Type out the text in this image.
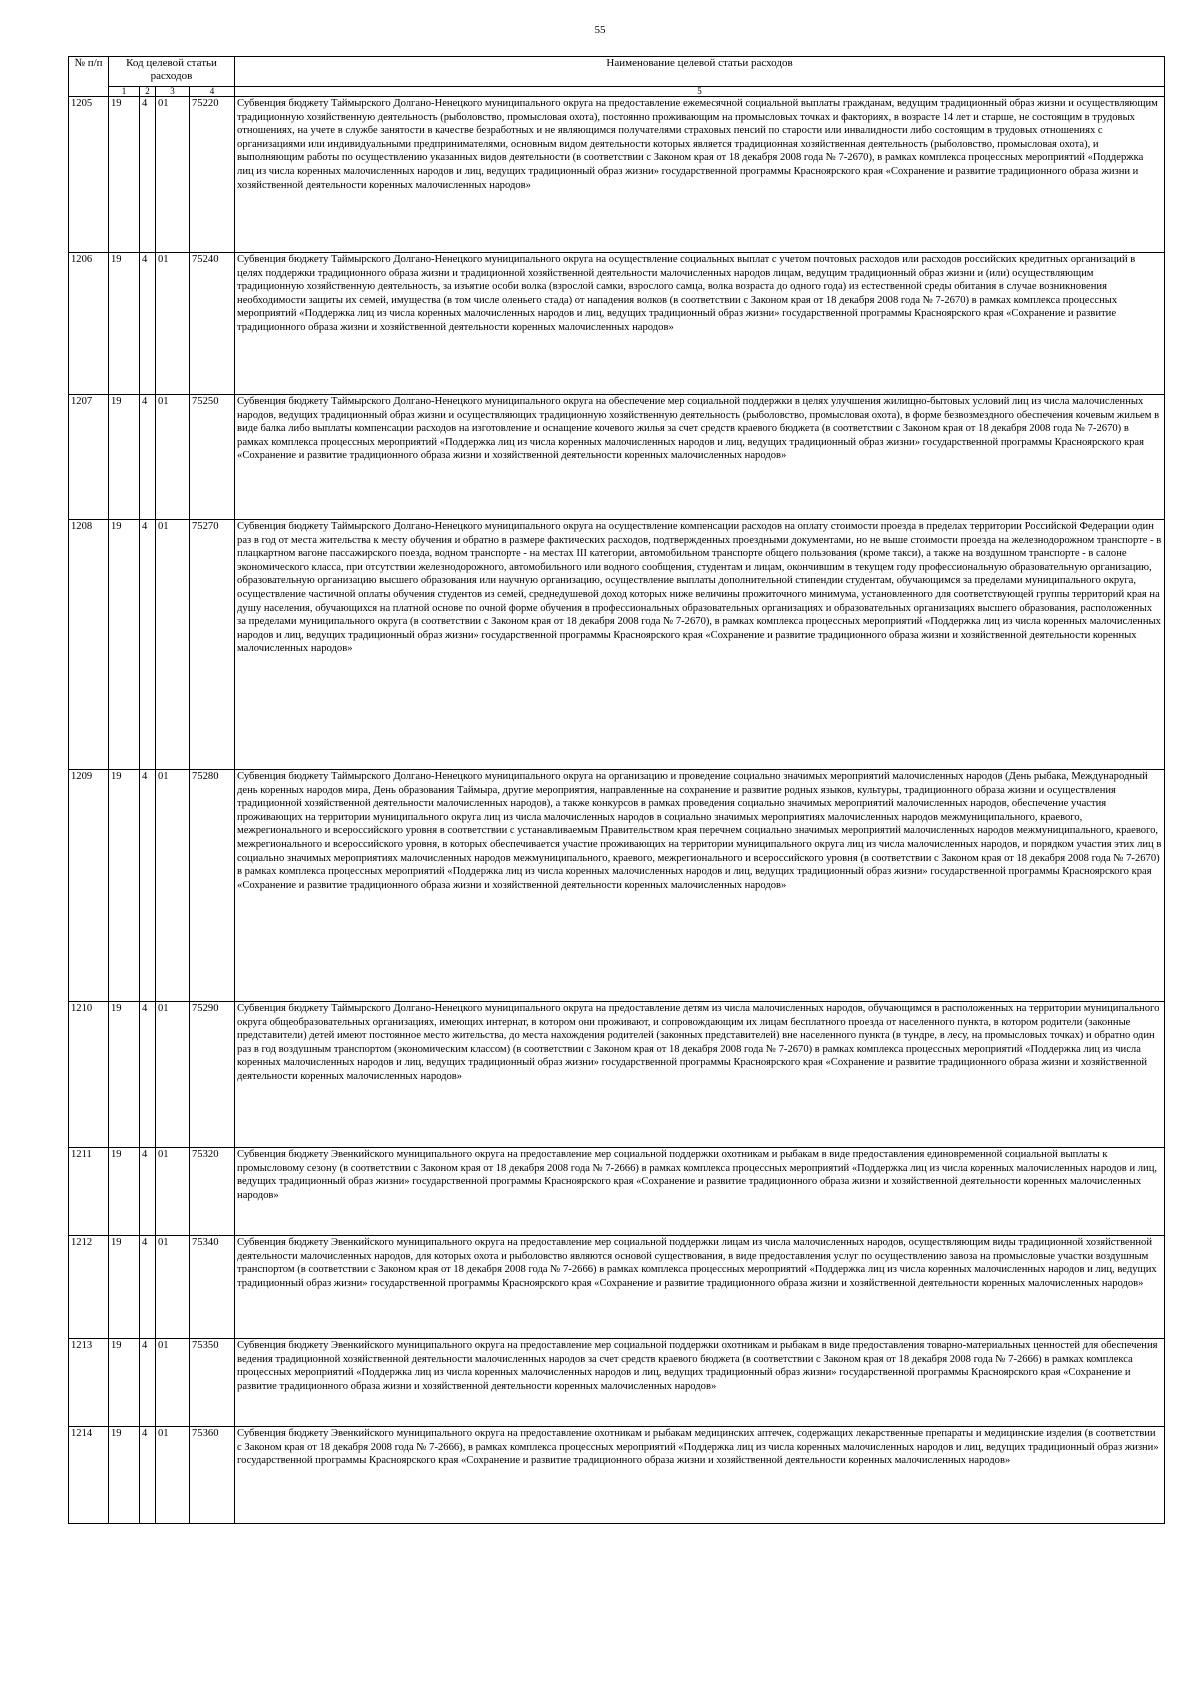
55
№ п/п	Код целевой статьи расходов				Наименование целевой статьи расходов
	1	2	3	4	5
1205	19	4	01	75220	Субвенция бюджету Таймырского Долгано-Ненецкого муниципального округа на предоставление ежемесячной социальной выплаты гражданам, ведущим традиционный образ жизни и осуществляющим традиционную хозяйственную деятельность (рыболовство, промысловая охота), постоянно проживающим на промысловых точках и факториях, в возрасте 14 лет и старше, не состоящим в трудовых отношениях, на учете в службе занятости в качестве безработных и не являющимся получателями страховых пенсий по старости или инвалидности либо состоящим в трудовых отношениях с организациями или индивидуальными предпринимателями, основным видом деятельности которых является традиционная хозяйственная деятельность (рыболовство, промысловая охота), и выполняющим работы по осуществлению указанных видов деятельности (в соответствии с Законом края от 18 декабря 2008 года № 7-2670), в рамках комплекса процессных мероприятий «Поддержка лиц из числа коренных малочисленных народов и лиц, ведущих традиционный образ жизни» государственной программы Красноярского края «Сохранение и развитие традиционного образа жизни и хозяйственной деятельности коренных малочисленных народов»
1206	19	4	01	75240	Субвенция бюджету Таймырского Долгано-Ненецкого муниципального округа на осуществление социальных выплат с учетом почтовых расходов или расходов российских кредитных организаций в целях поддержки традиционного образа жизни и традиционной хозяйственной деятельности малочисленных народов лицам, ведущим традиционный образ жизни и (или) осуществляющим традиционную хозяйственную деятельность, за изъятие особи волка (взрослой самки, взрослого самца, волка возраста до одного года) из естественной среды обитания в случае возникновения необходимости защиты их семей, имущества (в том числе оленьего стада) от нападения волков (в соответствии с Законом края от 18 декабря 2008 года № 7-2670) в рамках комплекса процессных мероприятий «Поддержка лиц из числа коренных малочисленных народов и лиц, ведущих традиционный образ жизни» государственной программы Красноярского края «Сохранение и развитие традиционного образа жизни и хозяйственной деятельности коренных малочисленных народов»
1207	19	4	01	75250	Субвенция бюджету Таймырского Долгано-Ненецкого муниципального округа на обеспечение мер социальной поддержки в целях улучшения жилищно-бытовых условий лиц из числа малочисленных народов, ведущих традиционный образ жизни и осуществляющих традиционную хозяйственную деятельность (рыболовство, промысловая охота), в форме безвозмездного обеспечения кочевым жильем в виде балка либо выплаты компенсации расходов на изготовление и оснащение кочевого жилья за счет средств краевого бюджета (в соответствии с Законом края от 18 декабря 2008 года № 7-2670) в рамках комплекса процессных мероприятий «Поддержка лиц из числа коренных малочисленных народов и лиц, ведущих традиционный образ жизни» государственной программы Красноярского края «Сохранение и развитие традиционного образа жизни и хозяйственной деятельности коренных малочисленных народов»
1208	19	4	01	75270	Субвенция бюджету Таймырского Долгано-Ненецкого муниципального округа на осуществление компенсации расходов на оплату стоимости проезда в пределах территории Российской Федерации один раз в год от места жительства к месту обучения и обратно в размере фактических расходов, подтвержденных проездными документами, но не выше стоимости проезда на железнодорожном транспорте - в плацкартном вагоне пассажирского поезда, водном транспорте - на местах III категории, автомобильном транспорте общего пользования (кроме такси), а также на воздушном транспорте - в салоне экономического класса, при отсутствии железнодорожного, автомобильного или водного сообщения, студентам и лицам, окончившим в текущем году профессиональную образовательную организацию, образовательную организацию высшего образования или научную организацию, осуществление выплаты дополнительной стипендии студентам, обучающимся за пределами муниципального округа, осуществление частичной оплаты обучения студентов из семей, среднедушевой доход которых ниже величины прожиточного минимума, установленного для соответствующей группы территорий края на душу населения, обучающихся на платной основе по очной форме обучения в профессиональных образовательных организациях и образовательных организациях высшего образования, расположенных за пределами муниципального округа (в соответствии с Законом края от 18 декабря 2008 года № 7-2670), в рамках комплекса процессных мероприятий «Поддержка лиц из числа коренных малочисленных народов и лиц, ведущих традиционный образ жизни» государственной программы Красноярского края «Сохранение и развитие традиционного образа жизни и хозяйственной деятельности коренных малочисленных народов»
1209	19	4	01	75280	Субвенция бюджету Таймырского Долгано-Ненецкого муниципального округа на организацию и проведение социально значимых мероприятий малочисленных народов (День рыбака, Международный день коренных народов мира, День образования Таймыра, другие мероприятия, направленные на сохранение и развитие родных языков, культуры, традиционного образа жизни и осуществления традиционной хозяйственной деятельности малочисленных народов), а также конкурсов в рамках проведения социально значимых мероприятий малочисленных народов, обеспечение участия проживающих на территории муниципального округа лиц из числа малочисленных народов в социально значимых мероприятиях малочисленных народов межмуниципального, краевого, межрегионального и всероссийского уровня в соответствии с устанавливаемым Правительством края перечнем социально значимых мероприятий малочисленных народов межмуниципального, краевого, межрегионального и всероссийского уровня, в которых обеспечивается участие проживающих на территории муниципального округа лиц из числа малочисленных народов, и порядком участия этих лиц в социально значимых мероприятиях малочисленных народов межмуниципального, краевого, межрегионального и всероссийского уровня (в соответствии с Законом края от 18 декабря 2008 года № 7-2670) в рамках комплекса процессных мероприятий «Поддержка лиц из числа коренных малочисленных народов и лиц, ведущих традиционный образ жизни» государственной программы Красноярского края «Сохранение и развитие традиционного образа жизни и хозяйственной деятельности коренных малочисленных народов»
1210	19	4	01	75290	Субвенция бюджету Таймырского Долгано-Ненецкого муниципального округа на предоставление детям из числа малочисленных народов, обучающимся в расположенных на территории муниципального округа общеобразовательных организациях, имеющих интернат, в котором они проживают, и сопровождающим их лицам бесплатного проезда от населенного пункта, в котором родители (законные представители) детей имеют постоянное место жительства, до места нахождения родителей (законных представителей) вне населенного пункта (в тундре, в лесу, на промысловых точках) и обратно один раз в год воздушным транспортом (экономическим классом) (в соответствии с Законом края от 18 декабря 2008 года № 7-2670) в рамках комплекса процессных мероприятий «Поддержка лиц из числа коренных малочисленных народов и лиц, ведущих традиционный образ жизни» государственной программы Красноярского края «Сохранение и развитие традиционного образа жизни и хозяйственной деятельности коренных малочисленных народов»
1211	19	4	01	75320	Субвенция бюджету Эвенкийского муниципального округа на предоставление мер социальной поддержки охотникам и рыбакам в виде предоставления единовременной социальной выплаты к промысловому сезону (в соответствии с Законом края от 18 декабря 2008 года № 7-2666) в рамках комплекса процессных мероприятий «Поддержка лиц из числа коренных малочисленных народов и лиц, ведущих традиционный образ жизни» государственной программы Красноярского края «Сохранение и развитие традиционного образа жизни и хозяйственной деятельности коренных малочисленных народов»
1212	19	4	01	75340	Субвенция бюджету Эвенкийского муниципального округа на предоставление мер социальной поддержки лицам из числа малочисленных народов, осуществляющим виды традиционной хозяйственной деятельности малочисленных народов, для которых охота и рыболовство являются основой существования, в виде предоставления услуг по осуществлению завоза на промысловые участки воздушным транспортом (в соответствии с Законом края от 18 декабря 2008 года № 7-2666) в рамках комплекса процессных мероприятий «Поддержка лиц из числа коренных малочисленных народов и лиц, ведущих традиционный образ жизни» государственной программы Красноярского края «Сохранение и развитие традиционного образа жизни и хозяйственной деятельности коренных малочисленных народов»
1213	19	4	01	75350	Субвенция бюджету Эвенкийского муниципального округа на предоставление мер социальной поддержки охотникам и рыбакам в виде предоставления товарно-материальных ценностей для обеспечения ведения традиционной хозяйственной деятельности малочисленных народов за счет средств краевого бюджета (в соответствии с Законом края от 18 декабря 2008 года № 7-2666) в рамках комплекса процессных мероприятий «Поддержка лиц из числа коренных малочисленных народов и лиц, ведущих традиционный образ жизни» государственной программы Красноярского края «Сохранение и развитие традиционного образа жизни и хозяйственной деятельности коренных малочисленных народов»
1214	19	4	01	75360	Субвенция бюджету Эвенкийского муниципального округа на предоставление охотникам и рыбакам медицинских аптечек, содержащих лекарственные препараты и медицинские изделия (в соответствии с Законом края от 18 декабря 2008 года № 7-2666), в рамках комплекса процессных мероприятий «Поддержка лиц из числа коренных малочисленных народов и лиц, ведущих традиционный образ жизни» государственной программы Красноярского края «Сохранение и развитие традиционного образа жизни и хозяйственной деятельности коренных малочисленных народов»
